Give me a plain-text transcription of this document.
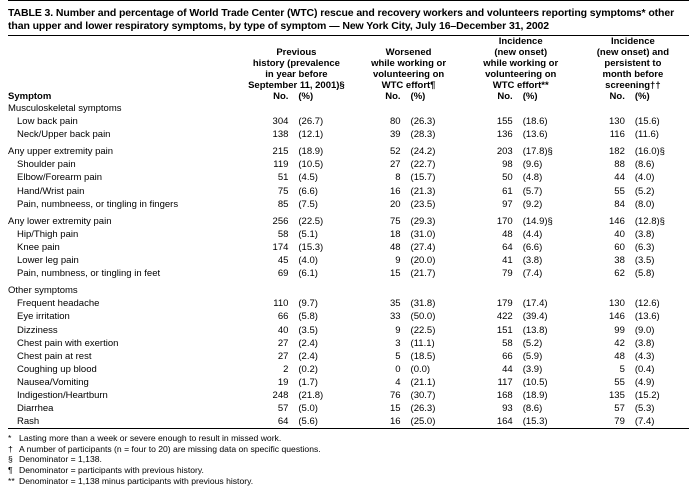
TABLE 3. Number and percentage of World Trade Center (WTC) rescue and recovery workers and volunteers reporting symptoms* other than upper and lower respiratory symptoms, by type of symptom — New York City, July 16–December 31, 2002

Previous
history (prevalence
in year before
September 11, 2001)§

Worsened
while working or
volunteering on
WTC effort¶

Incidence
(new onset)
while working or
volunteering on
WTC effort**

Incidence
(new onset) and
persistent to
month before
screening††

Symptom	No.	(%)	No.	(%)	No.	(%)	No.	(%)
Musculoskeletal symptoms								
Low back pain	304	(26.7)	80	(26.3)	155	(18.6)	130	(15.6)
Neck/Upper back pain	138	(12.1)	39	(28.3)	136	(13.6)	116	(11.6)

Any upper extremity pain	215	(18.9)	52	(24.2)	203	(17.8)§	182	(16.0)§
Shoulder pain	119	(10.5)	27	(22.7)	98	(9.6)	88	(8.6)
Elbow/Forearm pain	51	(4.5)	8	(15.7)	50	(4.8)	44	(4.0)
Hand/Wrist pain	75	(6.6)	16	(21.3)	61	(5.7)	55	(5.2)
Pain, numbneess, or tingling in fingers	85	(7.5)	20	(23.5)	97	(9.2)	84	(8.0)

Any lower extremity pain	256	(22.5)	75	(29.3)	170	(14.9)§	146	(12.8)§
Hip/Thigh pain	58	(5.1)	18	(31.0)	48	(4.4)	40	(3.8)
Knee pain	174	(15.3)	48	(27.4)	64	(6.6)	60	(6.3)
Lower leg pain	45	(4.0)	9	(20.0)	41	(3.8)	38	(3.5)
Pain, numbness, or tingling in feet	69	(6.1)	15	(21.7)	79	(7.4)	62	(5.8)

Other symptoms								
Frequent headache	110	(9.7)	35	(31.8)	179	(17.4)	130	(12.6)
Eye irritation	66	(5.8)	33	(50.0)	422	(39.4)	146	(13.6)
Dizziness	40	(3.5)	9	(22.5)	151	(13.8)	99	(9.0)
Chest pain with exertion	27	(2.4)	3	(11.1)	58	(5.2)	42	(3.8)
Chest pain at rest	27	(2.4)	5	(18.5)	66	(5.9)	48	(4.3)
Coughing up blood	2	(0.2)	0	(0.0)	44	(3.9)	5	(0.4)
Nausea/Vomiting	19	(1.7)	4	(21.1)	117	(10.5)	55	(4.9)
Indigestion/Heartburn	248	(21.8)	76	(30.7)	168	(18.9)	135	(15.2)
Diarrhea	57	(5.0)	15	(26.3)	93	(8.6)	57	(5.3)
Rash	64	(5.6)	16	(25.0)	164	(15.3)	79	(7.4)
* Lasting more than a week or severe enough to result in missed work.
† A number of participants (n = four to 20) are missing data on specific questions.
§ Denominator = 1,138.
¶ Denominator = participants with previous history.
** Denominator = 1,138 minus participants with previous history.
